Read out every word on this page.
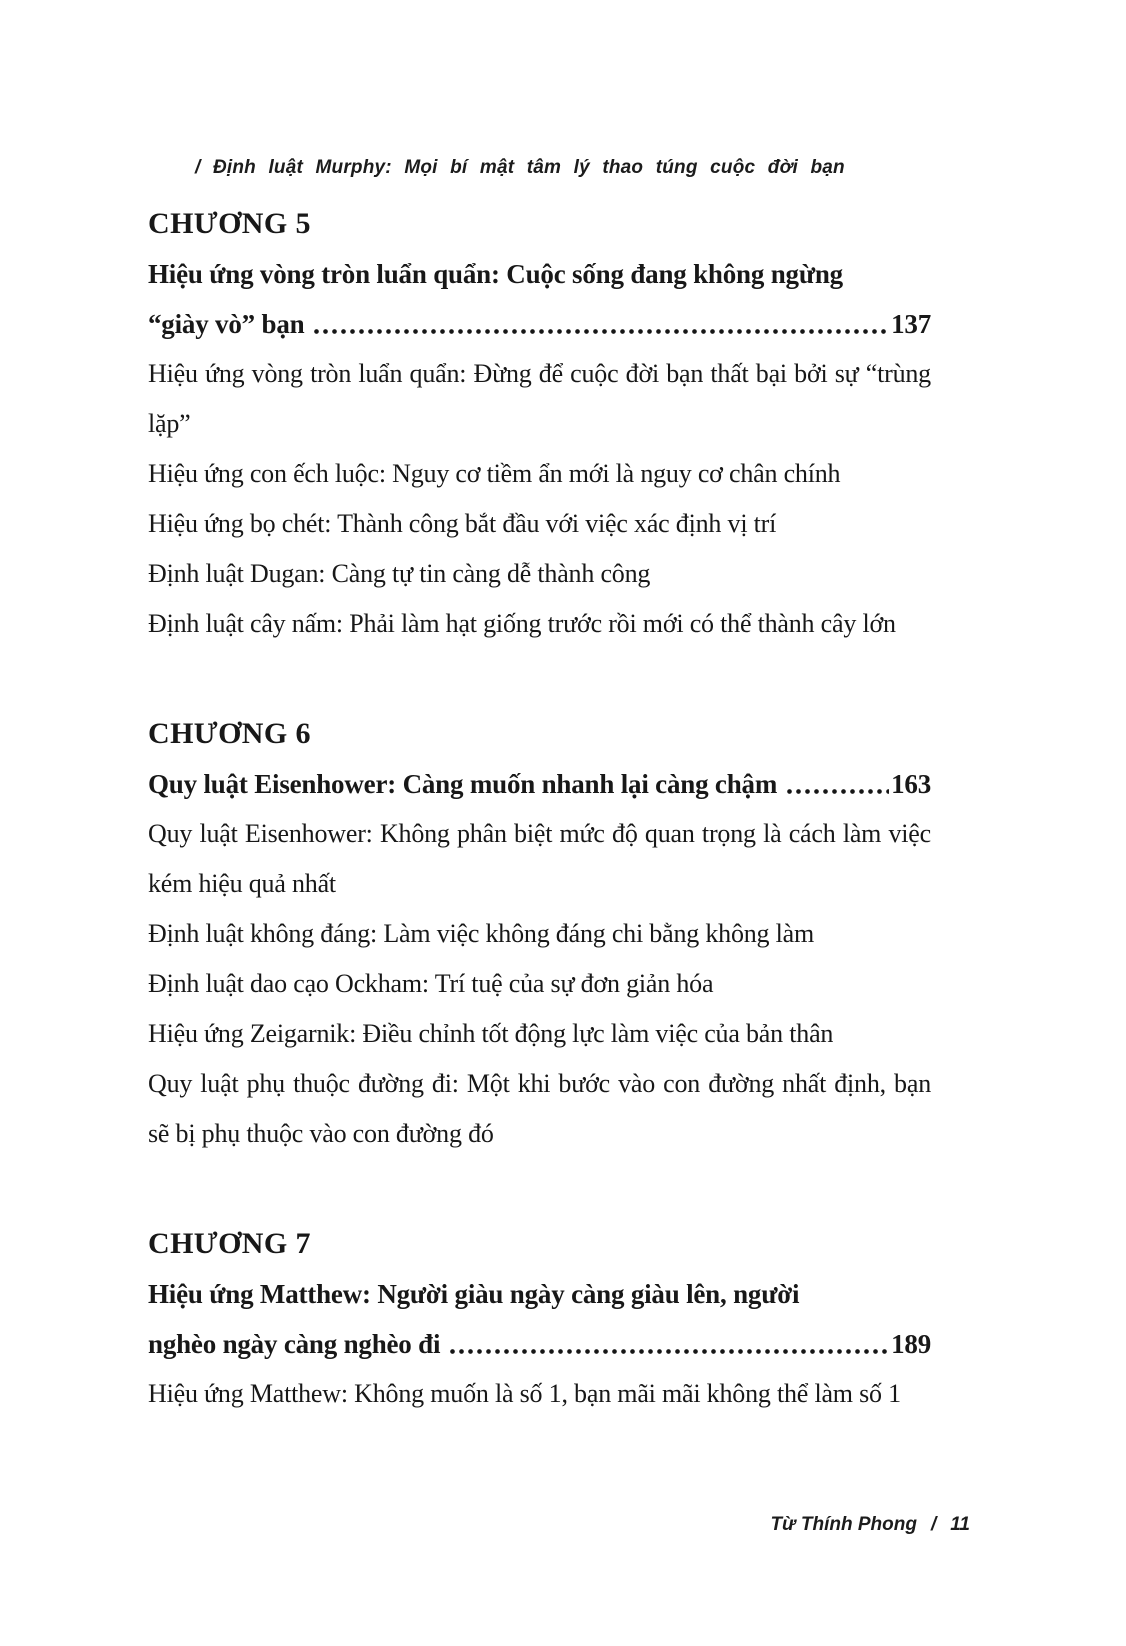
/ Định luật Murphy: Mọi bí mật tâm lý thao túng cuộc đời bạn
CHƯƠNG 5
Hiệu ứng vòng tròn luẩn quẩn: Cuộc sống đang không ngừng
“giày vò” bạn	137

Hiệu ứng vòng tròn luẩn quẩn: Đừng để cuộc đời bạn thất bại bởi sự “trùng lặp”

Hiệu ứng con ếch luộc: Nguy cơ tiềm ẩn mới là nguy cơ chân chính

Hiệu ứng bọ chét: Thành công bắt đầu với việc xác định vị trí

Định luật Dugan: Càng tự tin càng dễ thành công

Định luật cây nấm: Phải làm hạt giống trước rồi mới có thể thành cây lớn

CHƯƠNG 6
Quy luật Eisenhower: Càng muốn nhanh lại càng chậm	163

Quy luật Eisenhower: Không phân biệt mức độ quan trọng là cách làm việc kém hiệu quả nhất

Định luật không đáng: Làm việc không đáng chi bằng không làm

Định luật dao cạo Ockham: Trí tuệ của sự đơn giản hóa

Hiệu ứng Zeigarnik: Điều chỉnh tốt động lực làm việc của bản thân

Quy luật phụ thuộc đường đi: Một khi bước vào con đường nhất định, bạn sẽ bị phụ thuộc vào con đường đó

CHƯƠNG 7
Hiệu ứng Matthew: Người giàu ngày càng giàu lên, người
nghèo ngày càng nghèo đi	189

Hiệu ứng Matthew: Không muốn là số 1, bạn mãi mãi không thể làm số 1

Từ Thính Phong / 11
